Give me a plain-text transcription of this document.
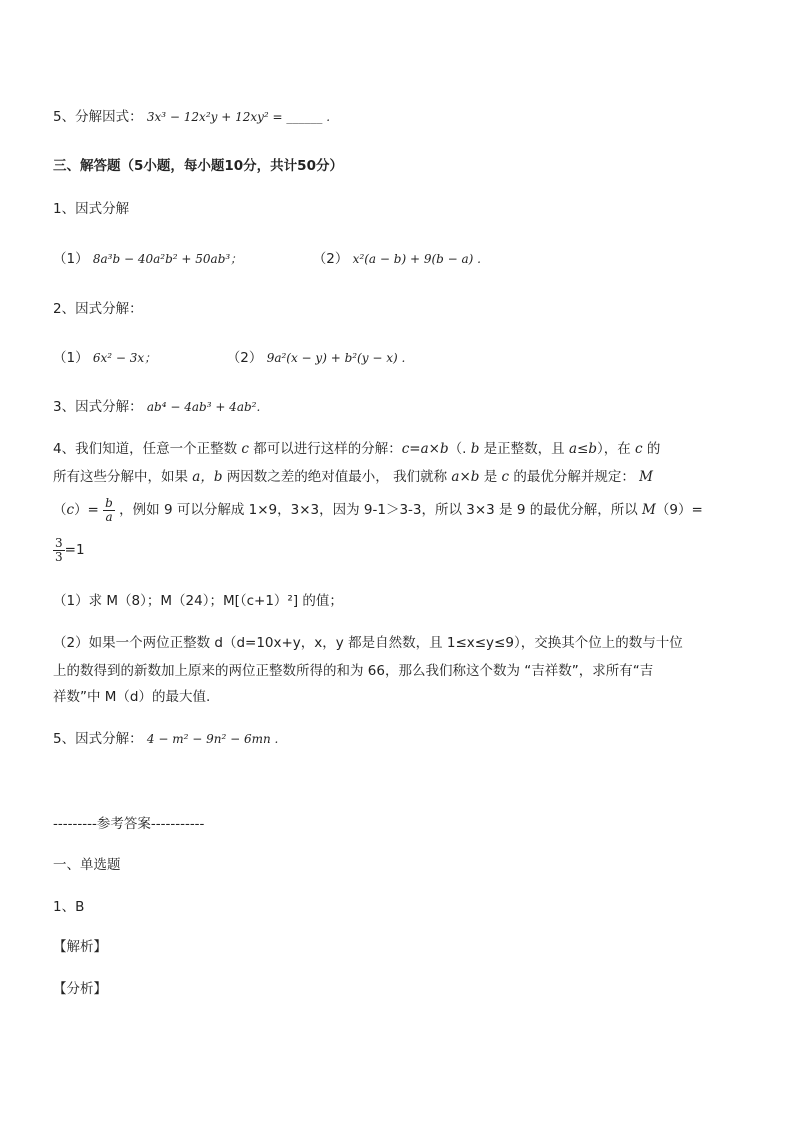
5、分解因式： 3x³ − 12x²y + 12xy² = ______ .
三、解答题（5小题，每小题10分，共计50分）
1、因式分解
（1） 8a³b − 40a²b² + 50ab³；	（2） x²(a − b) + 9(b − a) .
2、因式分解：
（1） 6x² − 3x；	（2） 9a²(x − y) + b²(y − x) .
3、因式分解： ab⁴ − 4ab³ + 4ab².
4、我们知道，任意一个正整数 c 都可以进行这样的分解：c=a×b（. b 是正整数，且 a≤b），在 c 的
所有这些分解中，如果 a，b 两因数之差的绝对值最小， 我们就称 a×b 是 c 的最优分解并规定： M
$(c)= \frac{b}{a}$ ，例如 9 可以分解成 1×9，3×3，因为 9-1＞3-3，所以 3×3 是 9 的最优分解，所以 M（9）=
$\frac{3}{3} =1$
（1）求 M（8）；M（24）；M[（c+1）²] 的值；
（2）如果一个两位正整数 d（d=10x+y，x，y 都是自然数，且 1≤x≤y≤9），交换其个位上的数与十位
上的数得到的新数加上原来的两位正整数所得的和为 66，那么我们称这个数为 “吉祥数”，求所有“吉
祥数”中 M（d）的最大值.
5、因式分解： 4 − m² − 9n² − 6mn .
---------参考答案-----------
一、单选题
1、B
【解析】
【分析】
